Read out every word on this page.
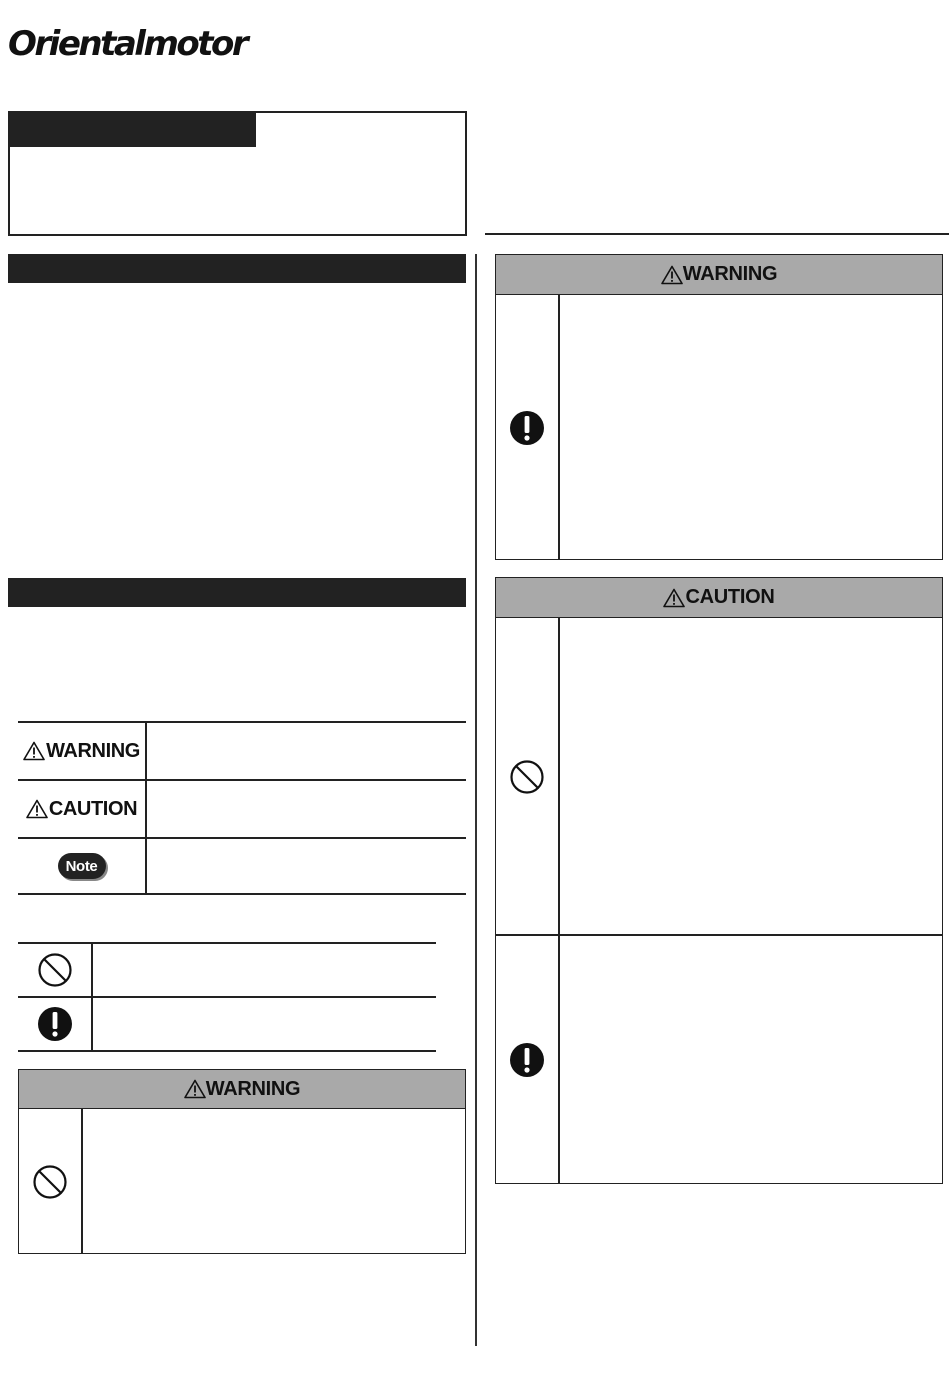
Orientalmotor
WARNING
CAUTION
Note
WARNING
WARNING
CAUTION
